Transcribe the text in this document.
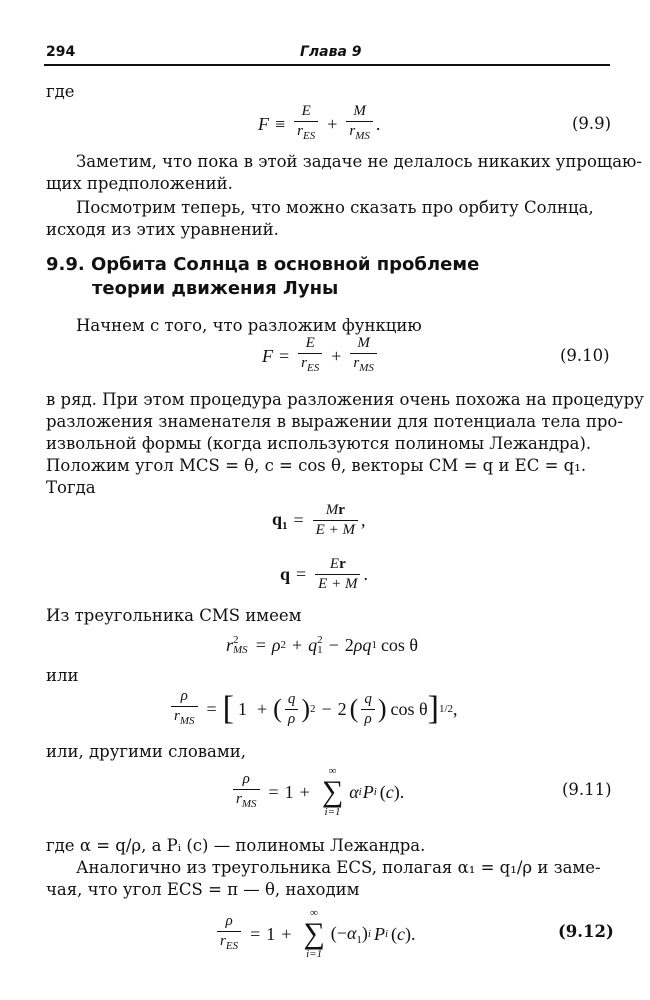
294	Глава 9
где
$F \equiv \frac{E}{r_{ES}} + \frac{M}{r_{MS}}$ .	(9.9)
Заметим, что пока в этой задаче не делалось никаких упрощаю-
щих предположений.
Посмотрим теперь, что можно сказать про орбиту Солнца,
исходя из этих уравнений.
9.9. Орбита Солнца в основной проблеме
теории движения Луны
Начнем с того, что разложим функцию
$F = \frac{E}{r_{ES}} + \frac{M}{r_{MS}}$	(9.10)
в ряд. При этом процедура разложения очень похожа на процедуру
разложения знаменателя в выражении для потенциала тела про-
извольной формы (когда используются полиномы Лежандра).
Положим угол MCS = θ, c = cos θ, векторы CM = q и EC = q₁.
Тогда
$q_1 = \frac{Mr}{E + M}$ ,
$q = \frac{Er}{E + M}$ .
Из треугольника CMS имеем
r 2
MS = ρ 2 + q 2
1 − 2 ρq 1 cos θ
или
$\frac{\rho}{r_{MS}}$ = [ 1 + ( $\frac{q}{\rho}$ ) 2 − 2 ( $\frac{q}{\rho}$ ) cos θ ] 1/2 ,
или, другими словами,
$\frac{\rho}{r_{MS}} = 1$ +
∞
∑
i=1
α i P i (c).	(9.11)
где α = q/ρ, а Pᵢ (c) — полиномы Лежандра.
Аналогично из треугольника ECS, полагая α₁ = q₁/ρ и заме-
чая, что угол ECS = π — θ, находим
$\frac{\rho}{r_{ES}} = 1$ +
∞
∑
i=1
$(-\alpha_1)$ i P i (c).	(9.12)
